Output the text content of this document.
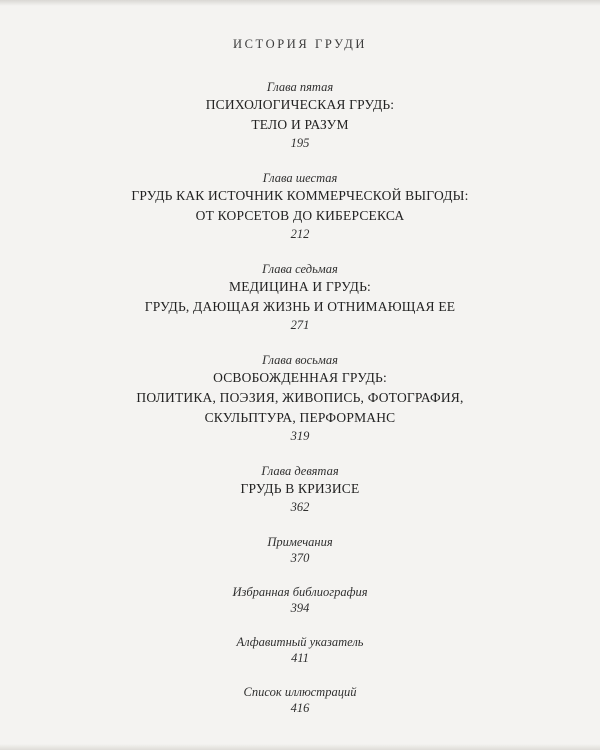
ИСТОРИЯ ГРУДИ
Глава пятая
ПСИХОЛОГИЧЕСКАЯ ГРУДЬ:
ТЕЛО И РАЗУМ
195
Глава шестая
ГРУДЬ КАК ИСТОЧНИК КОММЕРЧЕСКОЙ ВЫГОДЫ:
ОТ КОРСЕТОВ ДО КИБЕРСЕКСА
212
Глава седьмая
МЕДИЦИНА И ГРУДЬ:
ГРУДЬ, ДАЮЩАЯ ЖИЗНЬ И ОТНИМАЮЩАЯ ЕЕ
271
Глава восьмая
ОСВОБОЖДЕННАЯ ГРУДЬ:
ПОЛИТИКА, ПОЭЗИЯ, ЖИВОПИСЬ, ФОТОГРАФИЯ,
СКУЛЬПТУРА, ПЕРФОРМАНС
319
Глава девятая
ГРУДЬ В КРИЗИСЕ
362
Примечания
370
Избранная библиография
394
Алфавитный указатель
411
Список иллюстраций
416
